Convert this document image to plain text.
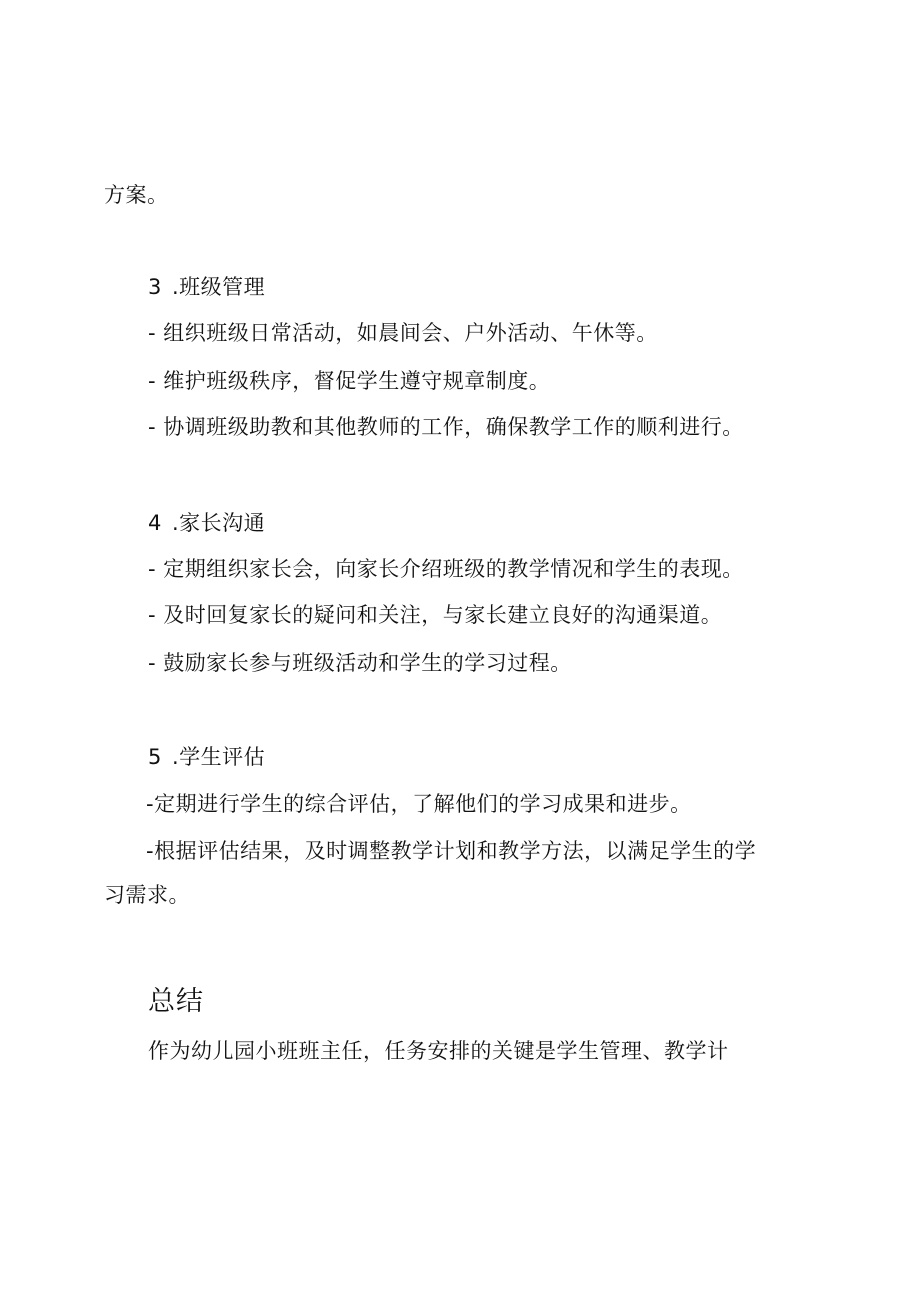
方案。
3 .班级管理
- 组织班级日常活动，如晨间会、户外活动、午休等。
- 维护班级秩序，督促学生遵守规章制度。
- 协调班级助教和其他教师的工作，确保教学工作的顺利进行。
4 .家长沟通
- 定期组织家长会，向家长介绍班级的教学情况和学生的表现。
- 及时回复家长的疑问和关注，与家长建立良好的沟通渠道。
- 鼓励家长参与班级活动和学生的学习过程。
5 .学生评估
-定期进行学生的综合评估，了解他们的学习成果和进步。
-根据评估结果，及时调整教学计划和教学方法，以满足学生的学
习需求。
总结
作为幼儿园小班班主任，任务安排的关键是学生管理、教学计
